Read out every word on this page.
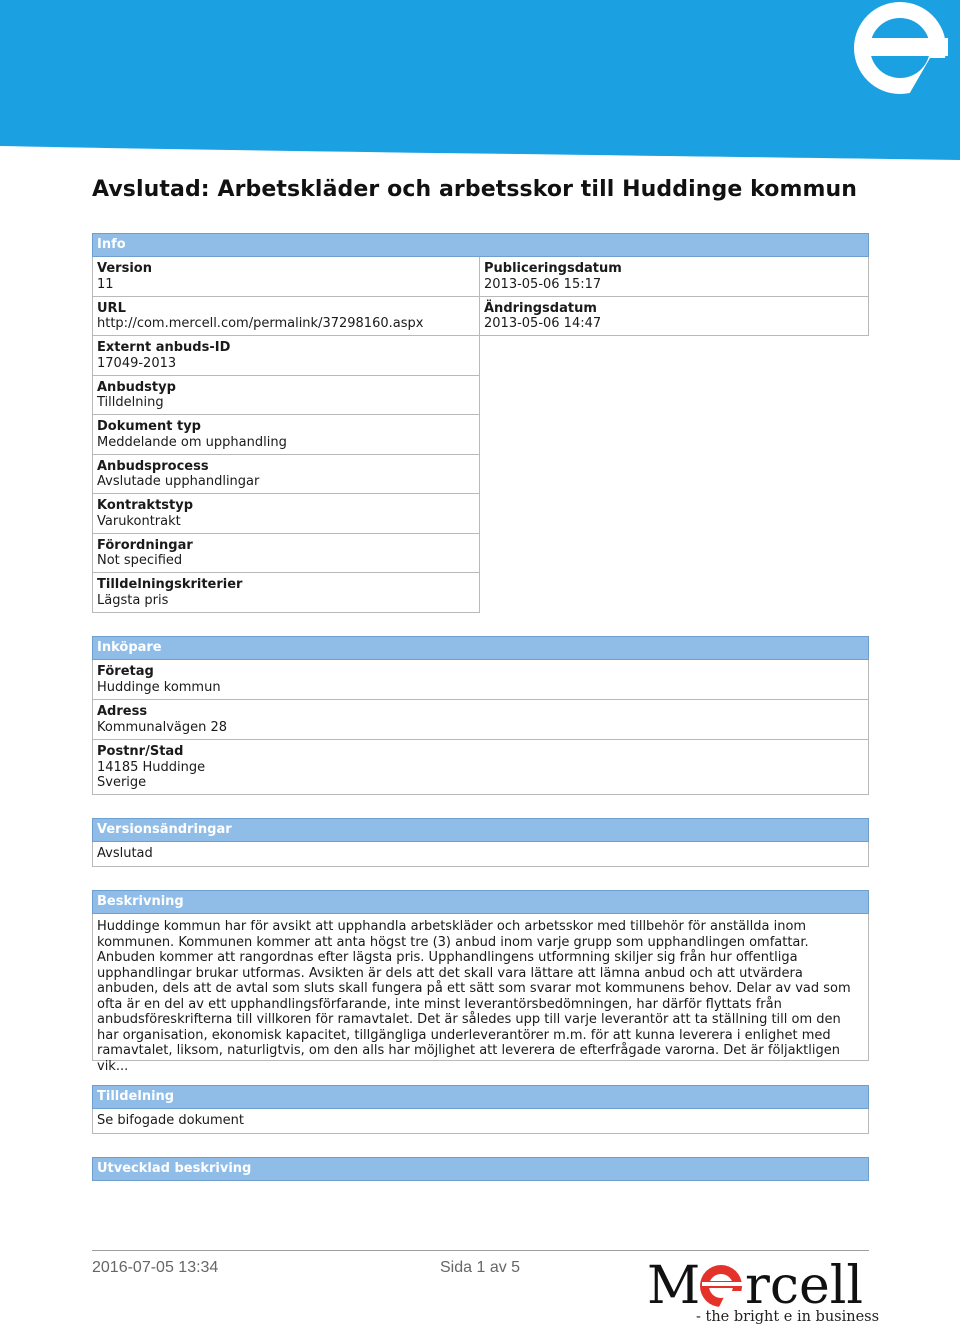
Avslutad: Arbetskläder och arbetsskor till Huddinge kommun
Info
Version
11
URL
http://com.mercell.com/permalink/37298160.aspx
Externt anbuds-ID
17049-2013
Anbudstyp
Tilldelning
Dokument typ
Meddelande om upphandling
Anbudsprocess
Avslutade upphandlingar
Kontraktstyp
Varukontrakt
Förordningar
Not specified
Tilldelningskriterier
Lägsta pris
Publiceringsdatum
2013-05-06 15:17
Ändringsdatum
2013-05-06 14:47
Inköpare
Företag
Huddinge kommun
Adress
Kommunalvägen 28
Postnr/Stad
14185 Huddinge
Sverige
Versionsändringar
Avslutad
Beskrivning
Huddinge kommun har för avsikt att upphandla arbetskläder och arbetsskor med tillbehör för anställda inom kommunen. Kommunen kommer att anta högst tre (3) anbud inom varje grupp som upphandlingen omfattar. Anbuden kommer att rangordnas efter lägsta pris. Upphandlingens utformning skiljer sig från hur offentliga upphandlingar brukar utformas. Avsikten är dels att det skall vara lättare att lämna anbud och att utvärdera anbuden, dels att de avtal som sluts skall fungera på ett sätt som svarar mot kommunens behov. Delar av vad som ofta är en del av ett upphandlingsförfarande, inte minst leverantörsbedömningen, har därför flyttats från anbudsföreskrifterna till villkoren för ramavtalet. Det är således upp till varje leverantör att ta ställning till om den har organisation, ekonomisk kapacitet, tillgängliga underleverantörer m.m. för att kunna leverera i enlighet med ramavtalet, liksom, naturligtvis, om den alls har möjlighet att leverera de efterfrågade varorna. Det är följaktligen vik...
Tilldelning
Se bifogade dokument
Utvecklad beskriving
2016-07-05 13:34	Sida 1 av 5 M rcell
- the bright e in business
